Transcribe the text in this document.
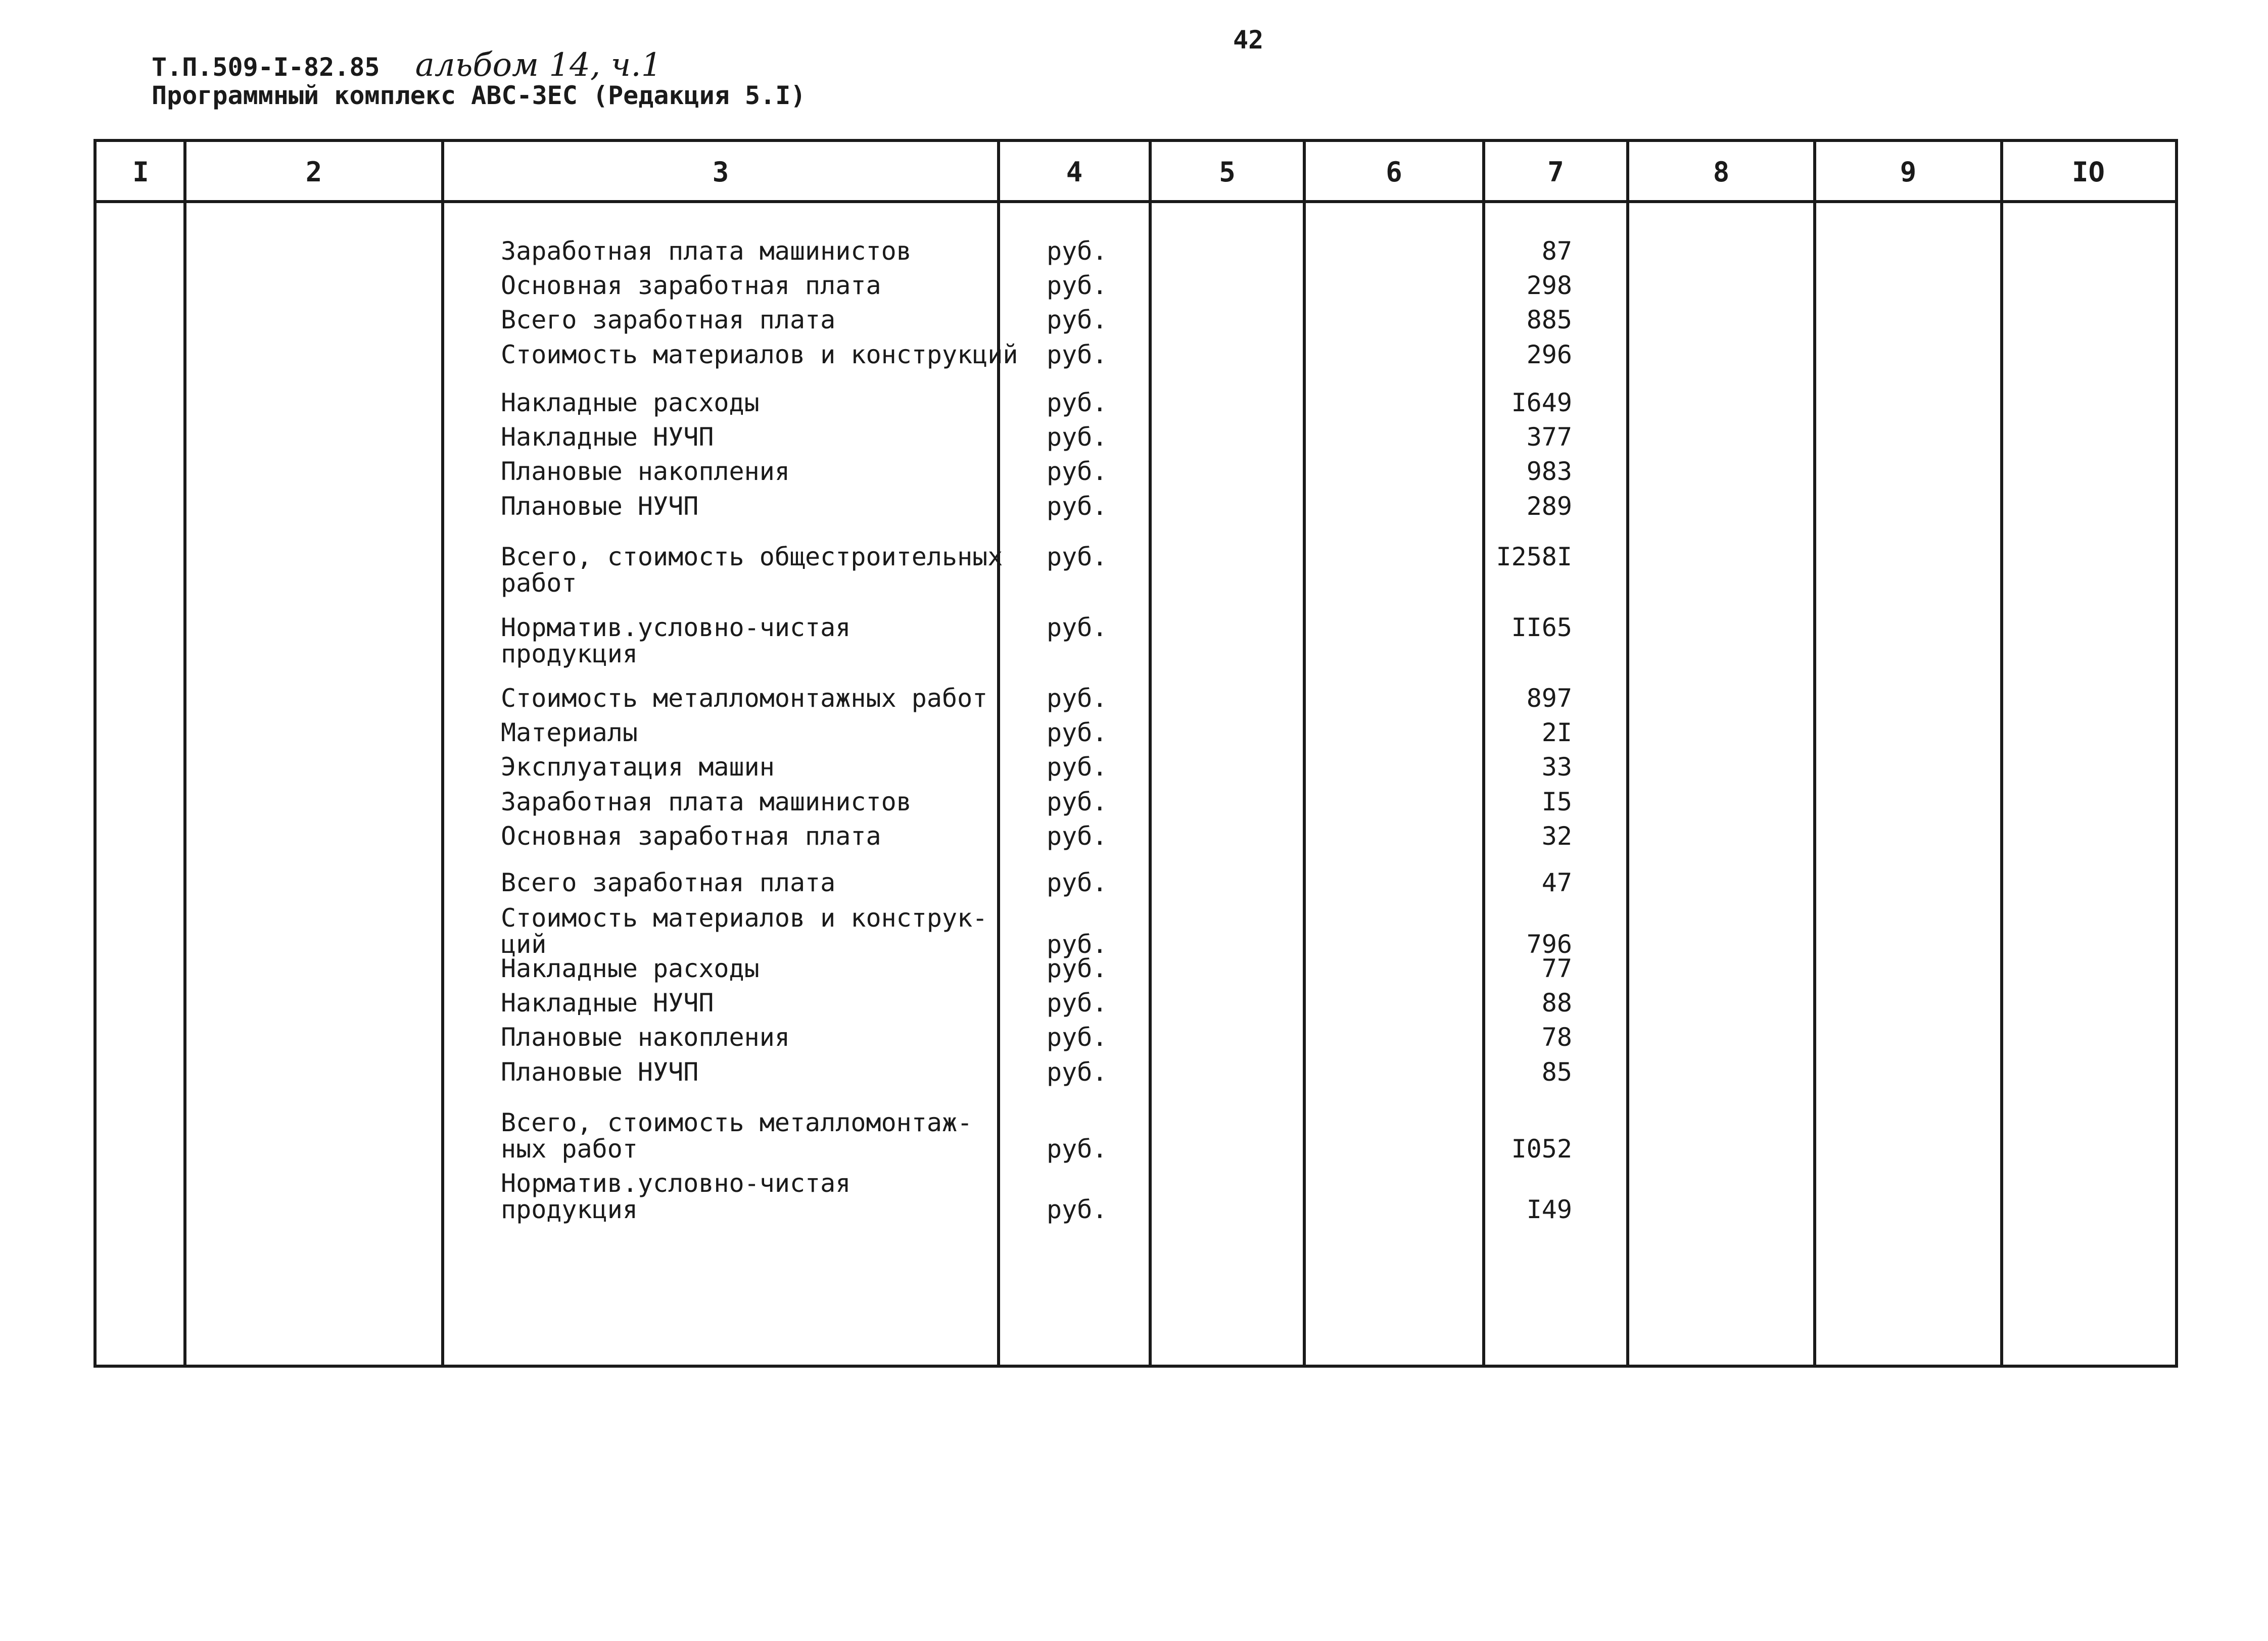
42
Т.П.509-I-82.85 альбом 14, ч.1
Программный комплекс АВС-ЗЕС (Редакция 5.I)
I	2	3	4	5	6	7	8	9	IO
Заработная плата машинистов	руб.	87
Основная заработная плата	руб.	298
Всего заработная плата	руб.	885
Стоимость материалов и конструкций	руб.	296
Накладные расходы	руб.	I649
Накладные НУЧП	руб.	377
Плановые накопления	руб.	983
Плановые НУЧП	руб.	289
Всего, стоимость общестроительных
работ
руб.	I258I
Норматив.условно-чистая
продукция
руб.	II65
Стоимость металломонтажных работ	руб.	897
Материалы	руб.	2I
Эксплуатация машин	руб.	33
Заработная плата машинистов	руб.	I5
Основная заработная плата	руб.	32
Всего заработная плата	руб.	47
Стоимость материалов и конструк-
ций	руб.	796
Накладные расходы	руб.	77
Накладные НУЧП	руб.	88
Плановые накопления	руб.	78
Плановые НУЧП	руб.	85
Всего, стоимость металломонтаж-
ных работ	руб.	I052
Норматив.условно-чистая
продукция	руб.	I49
